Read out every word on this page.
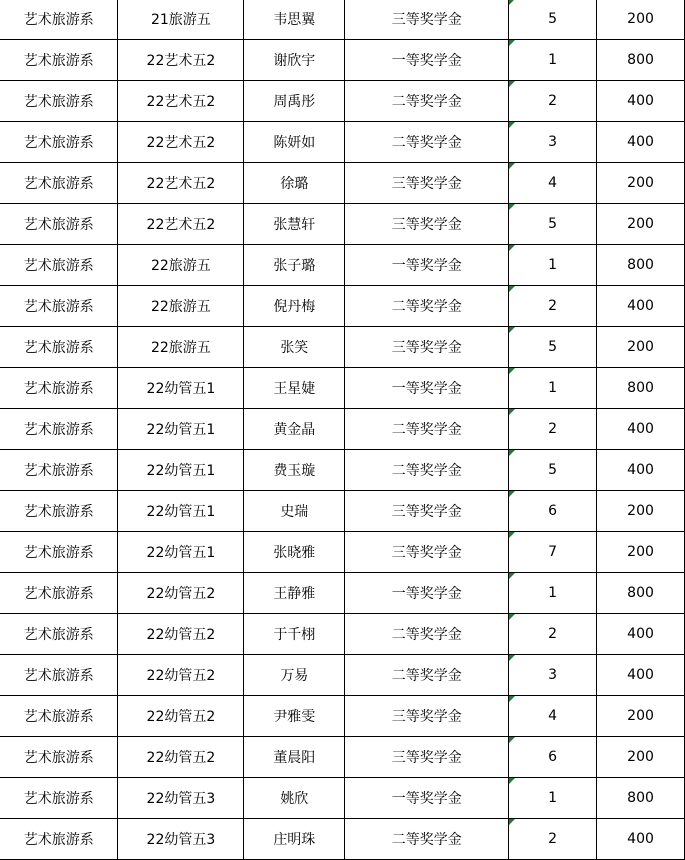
艺术旅游系	21旅游五	韦思翼	三等奖学金	5	200
艺术旅游系	22艺术五2	谢欣宇	一等奖学金	1	800
艺术旅游系	22艺术五2	周禹彤	二等奖学金	2	400
艺术旅游系	22艺术五2	陈妍如	二等奖学金	3	400
艺术旅游系	22艺术五2	徐璐	三等奖学金	4	200
艺术旅游系	22艺术五2	张慧轩	三等奖学金	5	200
艺术旅游系	22旅游五	张子璐	一等奖学金	1	800
艺术旅游系	22旅游五	倪丹梅	二等奖学金	2	400
艺术旅游系	22旅游五	张笑	三等奖学金	5	200
艺术旅游系	22幼管五1	王星婕	一等奖学金	1	800
艺术旅游系	22幼管五1	黄金晶	二等奖学金	2	400
艺术旅游系	22幼管五1	费玉璇	二等奖学金	5	400
艺术旅游系	22幼管五1	史瑞	三等奖学金	6	200
艺术旅游系	22幼管五1	张晓雅	三等奖学金	7	200
艺术旅游系	22幼管五2	王静雅	一等奖学金	1	800
艺术旅游系	22幼管五2	于千栩	二等奖学金	2	400
艺术旅游系	22幼管五2	万易	二等奖学金	3	400
艺术旅游系	22幼管五2	尹雅雯	三等奖学金	4	200
艺术旅游系	22幼管五2	董晨阳	三等奖学金	6	200
艺术旅游系	22幼管五3	姚欣	一等奖学金	1	800
艺术旅游系	22幼管五3	庄明珠	二等奖学金	2	400
